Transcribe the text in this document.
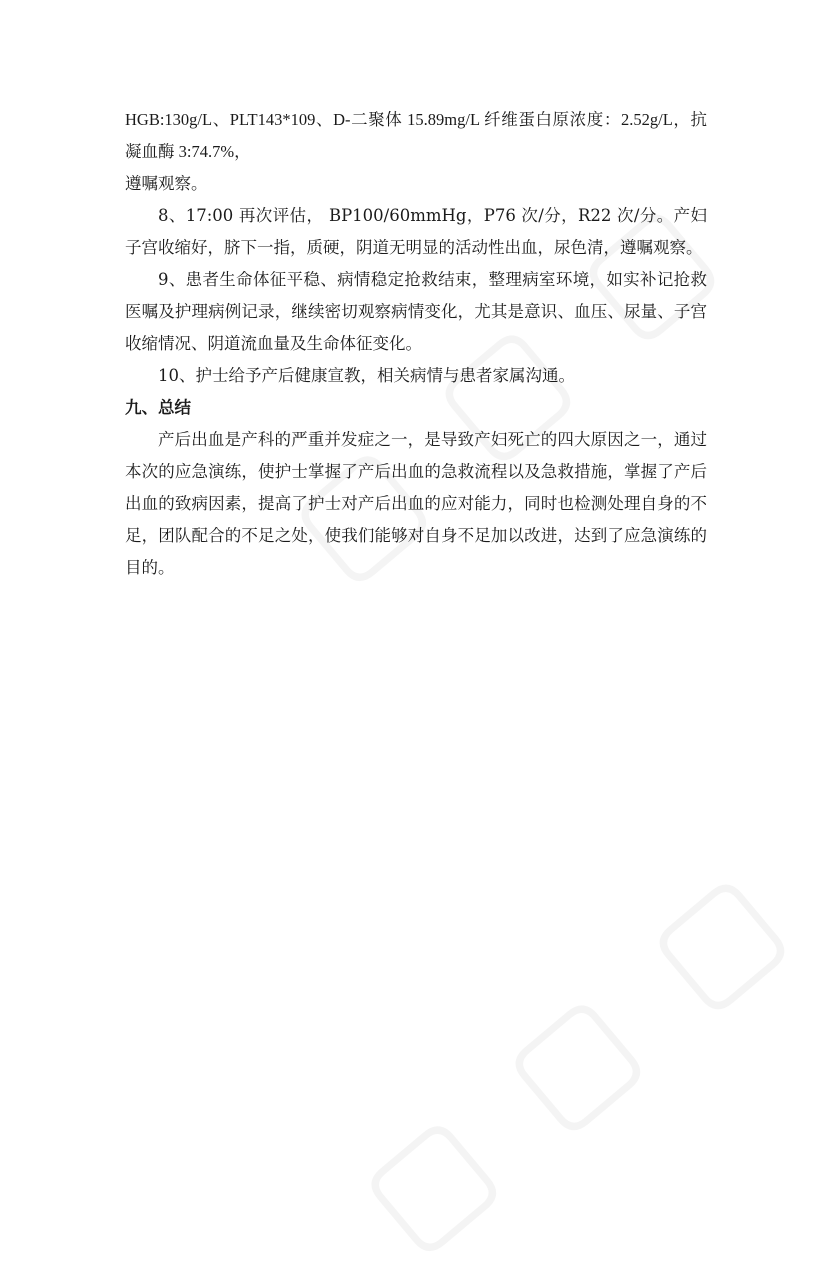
HGB:130g/L、PLT143*109、D-二聚体 15.89mg/L 纤维蛋白原浓度：2.52g/L，抗凝血酶 3:74.7%，

遵嘱观察。

8、17:00 再次评估， BP100/60mmHg，P76 次/分，R22 次/分。产妇子宫收缩好，脐下一指，质硬，阴道无明显的活动性出血，尿色清，遵嘱观察。

9、患者生命体征平稳、病情稳定抢救结束，整理病室环境，如实补记抢救医嘱及护理病例记录，继续密切观察病情变化，尤其是意识、血压、尿量、子宫收缩情况、阴道流血量及生命体征变化。

10、护士给予产后健康宣教，相关病情与患者家属沟通。

九、总结

产后出血是产科的严重并发症之一，是导致产妇死亡的四大原因之一，通过本次的应急演练，使护士掌握了产后出血的急救流程以及急救措施，掌握了产后出血的致病因素，提高了护士对产后出血的应对能力，同时也检测处理自身的不足，团队配合的不足之处，使我们能够对自身不足加以改进，达到了应急演练的目的。
